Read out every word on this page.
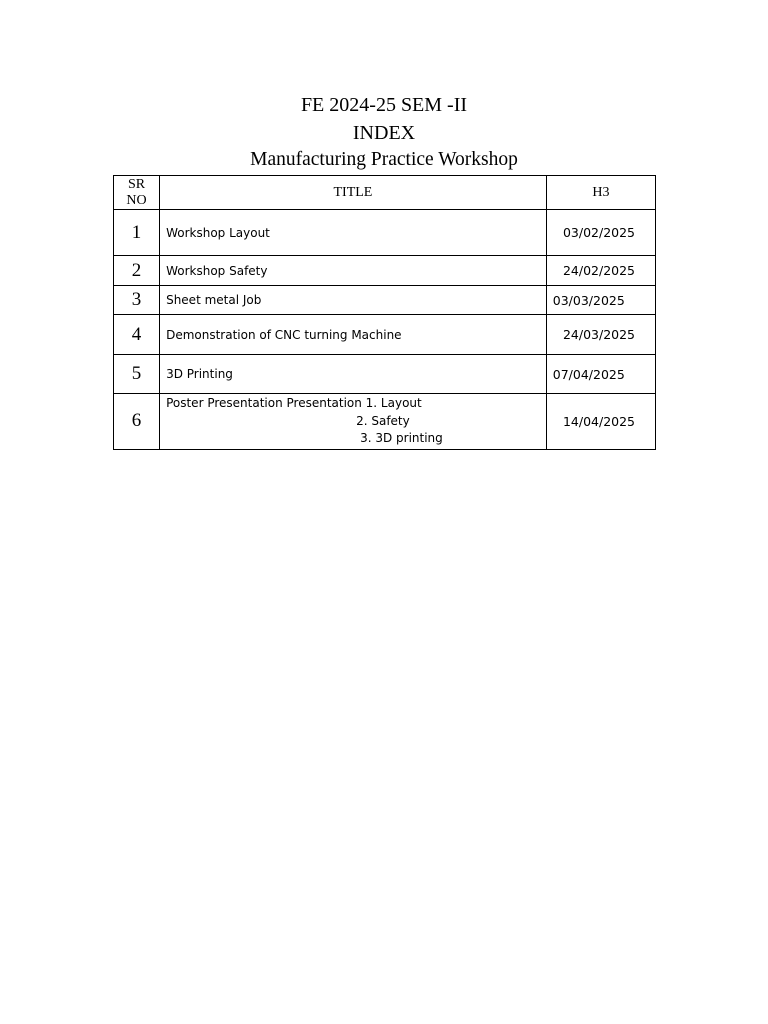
FE 2024-25 SEM -II
INDEX
Manufacturing Practice Workshop
SR
NO	TITLE	H3
1	Workshop Layout	03/02/2025
2	Workshop Safety	24/02/2025
3	Sheet metal Job	03/03/2025
4	Demonstration of CNC turning Machine	24/03/2025
5	3D Printing	07/04/2025
6	Poster Presentation Presentation 1. Layout
2. Safety
3. 3D printing	14/04/2025
